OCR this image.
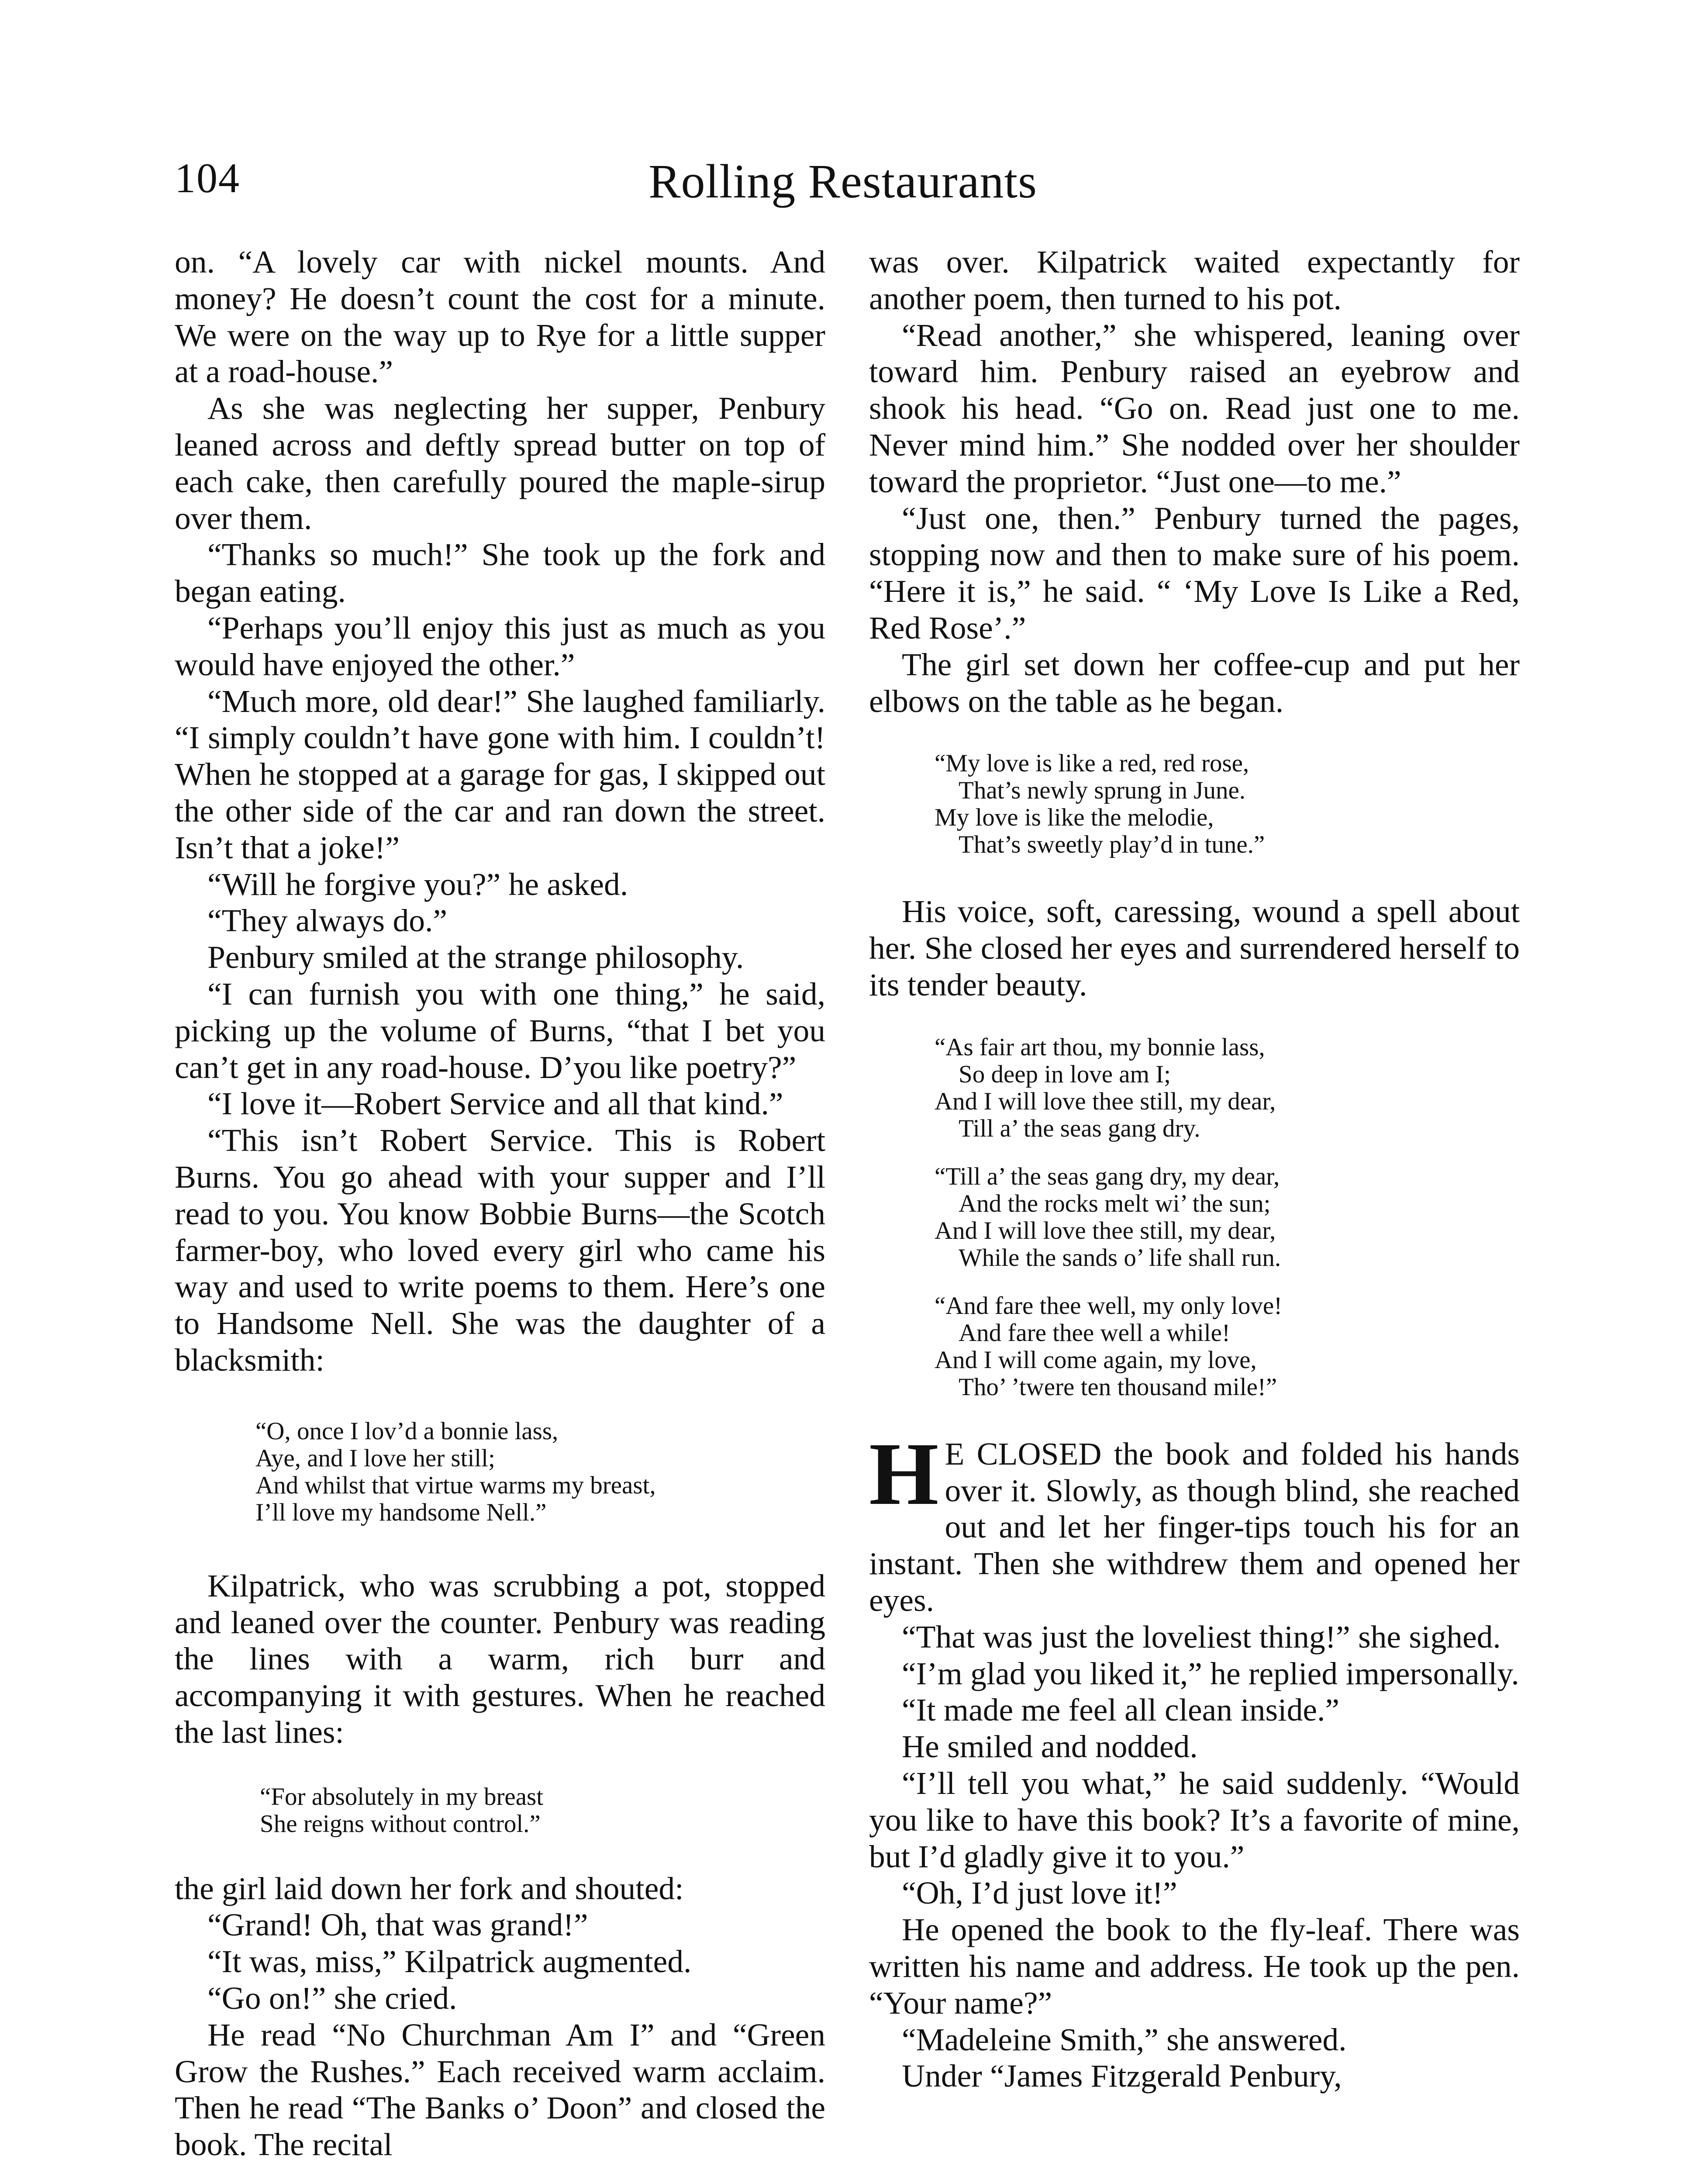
104	Rolling Restaurants

on. “A lovely car with nickel mounts. And money? He doesn’t count the cost for a minute. We were on the way up to Rye for a little supper at a road-house.”

As she was neglecting her supper, Penbury leaned across and deftly spread butter on top of each cake, then carefully poured the maple-sirup over them.

“Thanks so much!” She took up the fork and began eating.

“Perhaps you’ll enjoy this just as much as you would have enjoyed the other.”

“Much more, old dear!” She laughed familiarly. “I simply couldn’t have gone with him. I couldn’t! When he stopped at a garage for gas, I skipped out the other side of the car and ran down the street. Isn’t that a joke!”

“Will he forgive you?” he asked.

“They always do.”

Penbury smiled at the strange philosophy.

“I can furnish you with one thing,” he said, picking up the volume of Burns, “that I bet you can’t get in any road-house. D’you like poetry?”

“I love it—Robert Service and all that kind.”

“This isn’t Robert Service. This is Robert Burns. You go ahead with your supper and I’ll read to you. You know Bobbie Burns—the Scotch farmer-boy, who loved every girl who came his way and used to write poems to them. Here’s one to Handsome Nell. She was the daughter of a blacksmith:

“O, once I lov’d a bonnie lass,
Aye, and I love her still;
And whilst that virtue warms my breast,
I’ll love my handsome Nell.”

Kilpatrick, who was scrubbing a pot, stopped and leaned over the counter. Penbury was reading the lines with a warm, rich burr and accompanying it with gestures. When he reached the last lines:

“For absolutely in my breast
She reigns without control.”

the girl laid down her fork and shouted:

“Grand! Oh, that was grand!”

“It was, miss,” Kilpatrick augmented.

“Go on!” she cried.

He read “No Churchman Am I” and “Green Grow the Rushes.” Each received warm acclaim. Then he read “The Banks o’ Doon” and closed the book. The recital

was over. Kilpatrick waited expectantly for another poem, then turned to his pot.

“Read another,” she whispered, leaning over toward him. Penbury raised an eyebrow and shook his head. “Go on. Read just one to me. Never mind him.” She nodded over her shoulder toward the proprietor. “Just one—to me.”

“Just one, then.” Penbury turned the pages, stopping now and then to make sure of his poem. “Here it is,” he said. “ ‘My Love Is Like a Red, Red Rose’.”

The girl set down her coffee-cup and put her elbows on the table as he began.

“My love is like a red, red rose,
That’s newly sprung in June.
My love is like the melodie,
That’s sweetly play’d in tune.”

His voice, soft, caressing, wound a spell about her. She closed her eyes and surrendered herself to its tender beauty.

“As fair art thou, my bonnie lass,
So deep in love am I;
And I will love thee still, my dear,
Till a’ the seas gang dry.
“Till a’ the seas gang dry, my dear,
And the rocks melt wi’ the sun;
And I will love thee still, my dear,
While the sands o’ life shall run.
“And fare thee well, my only love!
And fare thee well a while!
And I will come again, my love,
Tho’ ’twere ten thousand mile!”

H E CLOSED the book and folded his hands over it. Slowly, as though blind, she reached out and let her finger-tips touch his for an instant. Then she withdrew them and opened her eyes.

“That was just the loveliest thing!” she sighed.

“I’m glad you liked it,” he replied impersonally.

“It made me feel all clean inside.”

He smiled and nodded.

“I’ll tell you what,” he said suddenly. “Would you like to have this book? It’s a favorite of mine, but I’d gladly give it to you.”

“Oh, I’d just love it!”

He opened the book to the fly-leaf. There was written his name and address. He took up the pen. “Your name?”

“Madeleine Smith,” she answered.

Under “James Fitzgerald Penbury,
